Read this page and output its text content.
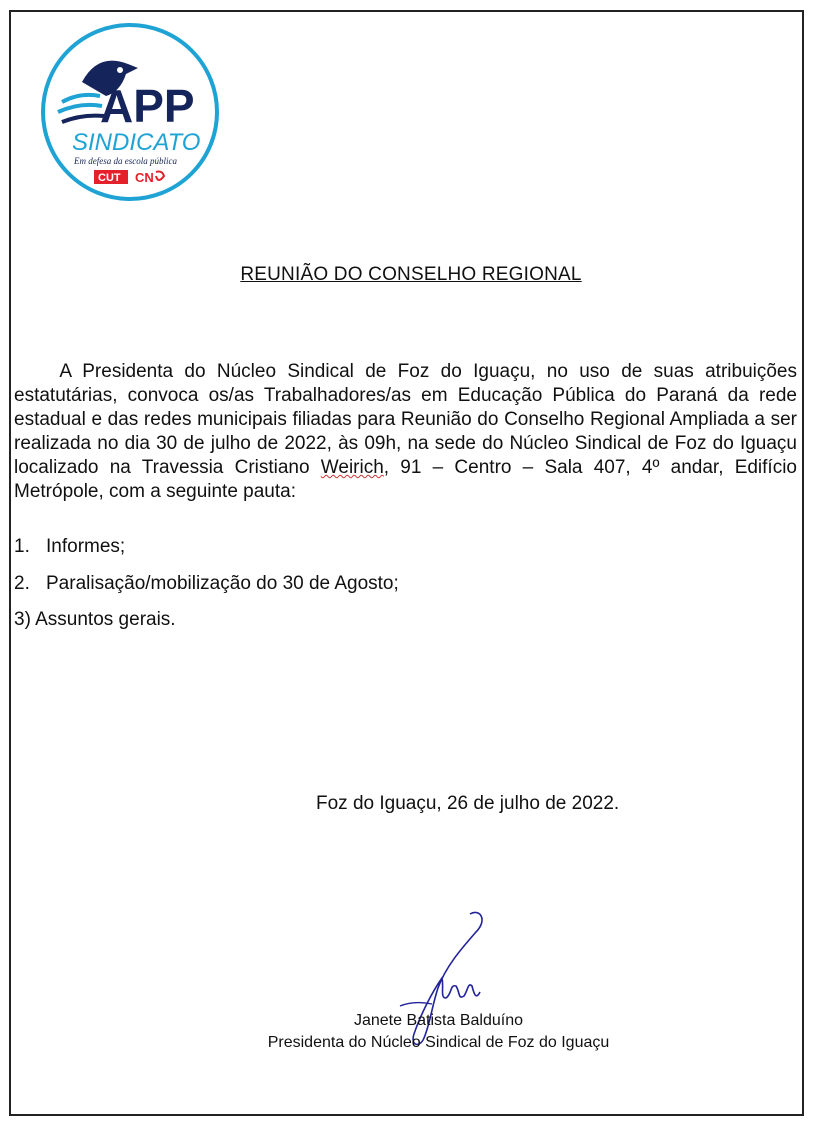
APP
SINDICATO
Em defesa da escola pública
CUT CN
REUNIÃO DO CONSELHO REGIONAL

A Presidenta do Núcleo Sindical de Foz do Iguaçu, no uso de suas atribuições estatutárias, convoca os/as Trabalhadores/as em Educação Pública do Paraná da rede estadual e das redes municipais filiadas para Reunião do Conselho Regional Ampliada a ser realizada no dia 30 de julho de 2022, às 09h, na sede do Núcleo Sindical de Foz do Iguaçu localizado na Travessia Cristiano Weirich, 91 – Centro – Sala 407, 4º andar, Edifício Metrópole, com a seguinte pauta:

1. Informes;
2. Paralisação/mobilização do 30 de Agosto;
3) Assuntos gerais.
Foz do Iguaçu, 26 de julho de 2022.
Janete Batista Balduíno
Presidenta do Núcleo Sindical de Foz do Iguaçu
